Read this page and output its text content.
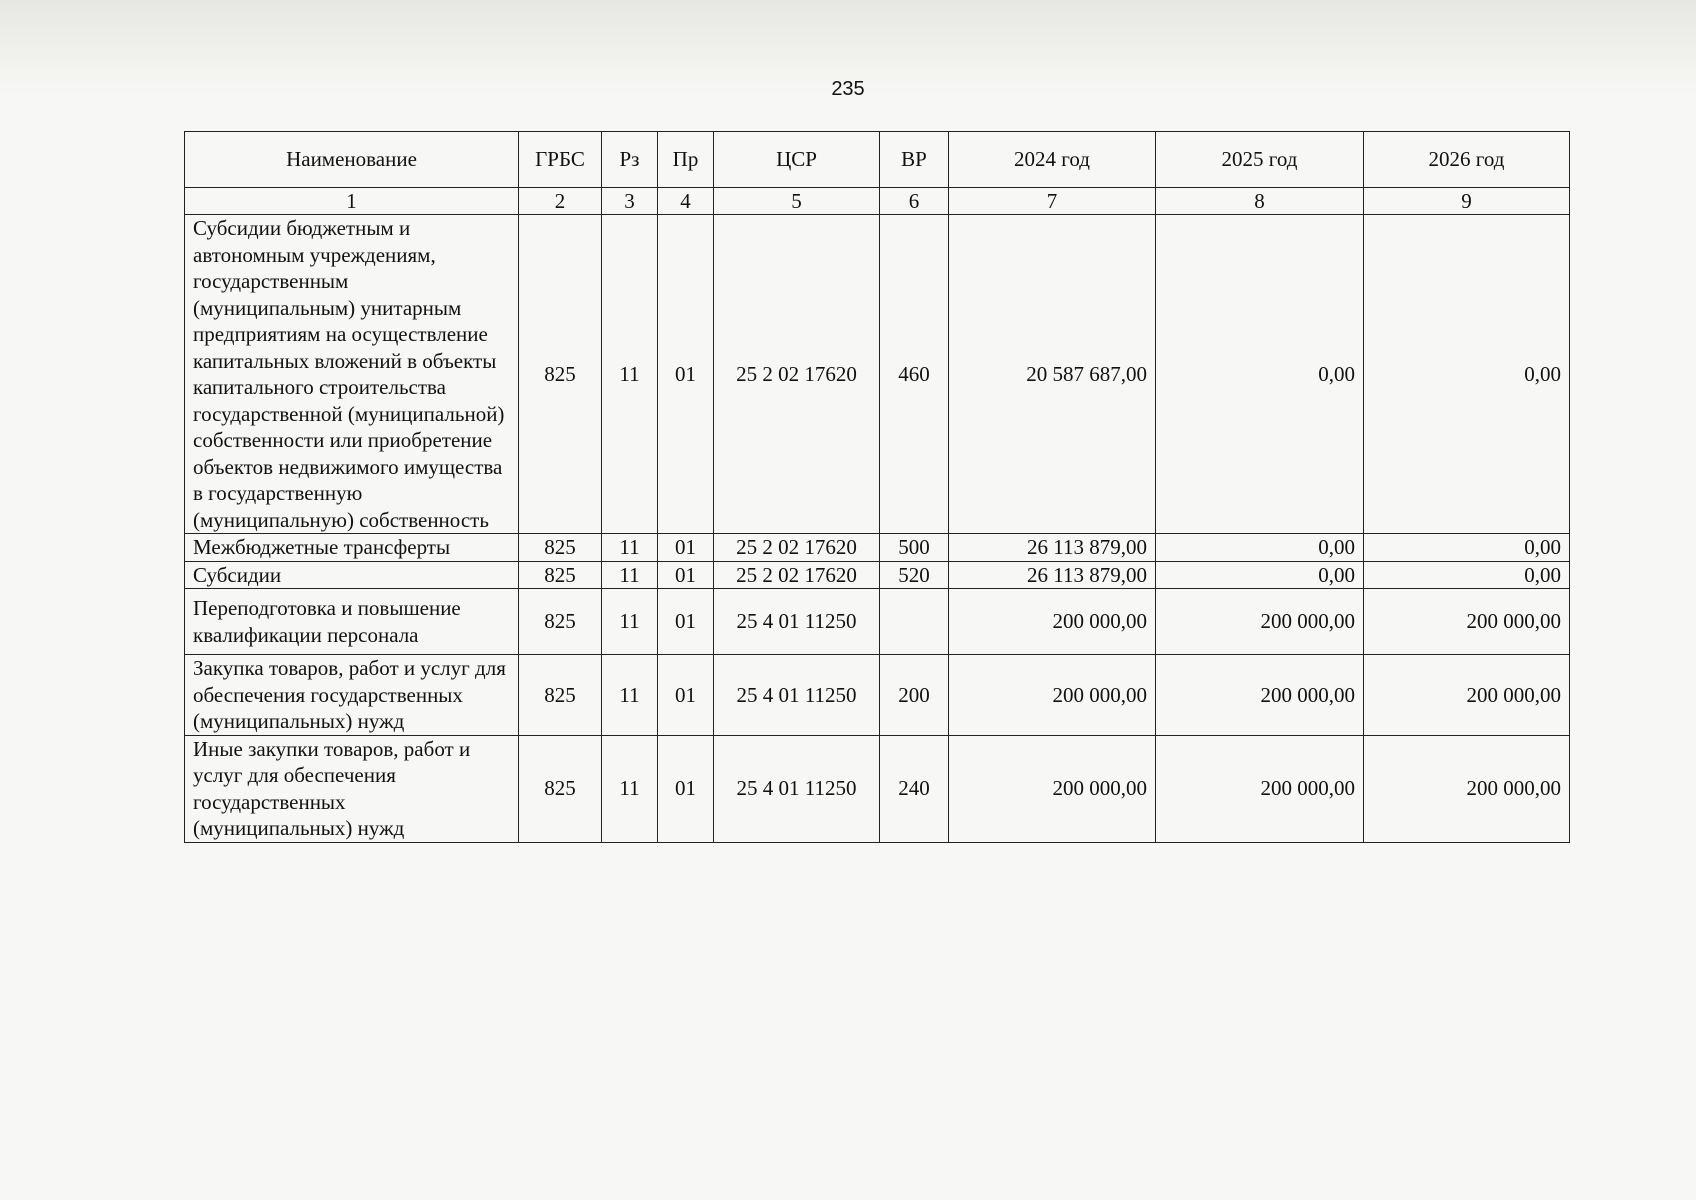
235
Наименование	ГРБС	Рз	Пр	ЦСР	ВР	2024 год	2025 год	2026 год
1	2	3	4	5	6	7	8	9
Субсидии бюджетным и автономным учреждениям, государственным (муниципальным) унитарным предприятиям на осуществление капитальных вложений в объекты капитального строительства государственной (муниципальной) собственности или приобретение объектов недвижимого имущества в государственную (муниципальную) собственность	825	11	01	25 2 02 17620	460	20 587 687,00	0,00	0,00
Межбюджетные трансферты	825	11	01	25 2 02 17620	500	26 113 879,00	0,00	0,00
Субсидии	825	11	01	25 2 02 17620	520	26 113 879,00	0,00	0,00
Переподготовка и повышение квалификации персонала	825	11	01	25 4 01 11250		200 000,00	200 000,00	200 000,00
Закупка товаров, работ и услуг для обеспечения государственных (муниципальных) нужд	825	11	01	25 4 01 11250	200	200 000,00	200 000,00	200 000,00
Иные закупки товаров, работ и услуг для обеспечения государственных (муниципальных) нужд	825	11	01	25 4 01 11250	240	200 000,00	200 000,00	200 000,00
